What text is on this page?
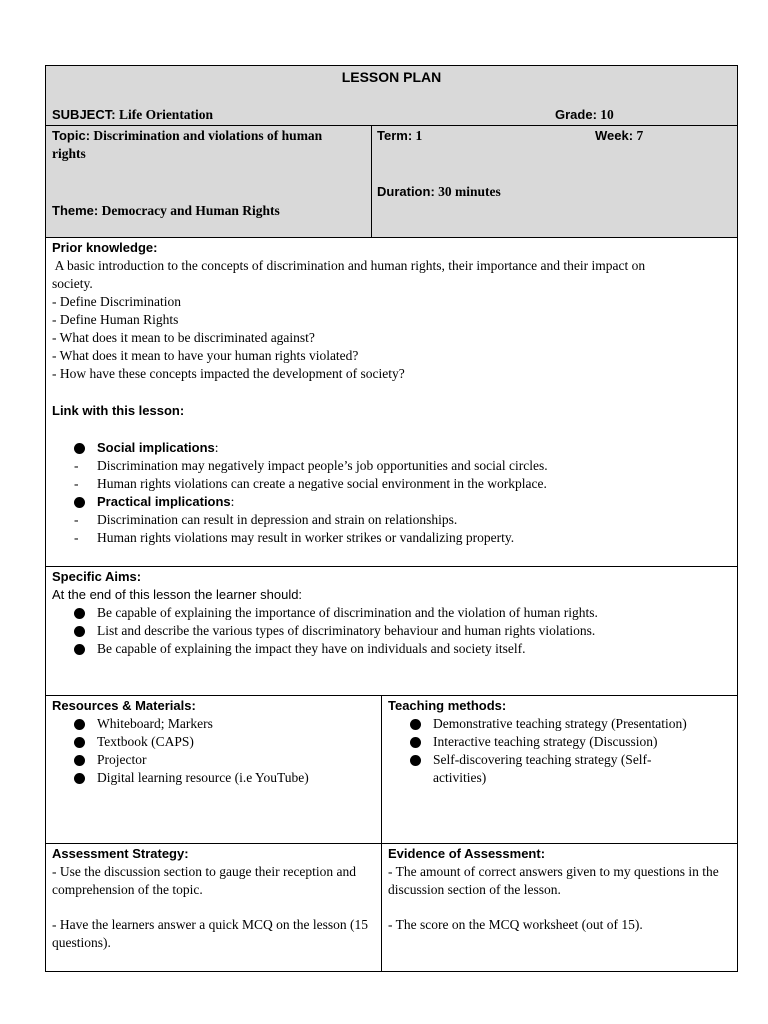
LESSON PLAN
SUBJECT: Life Orientation	Grade: 10
Topic: Discrimination and violations of human
rights
Theme: Democracy and Human Rights
Term: 1	Week: 7
Duration: 30 minutes
Prior knowledge:
A basic introduction to the concepts of discrimination and human rights, their importance and their impact on
society.
- Define Discrimination
- Define Human Rights
- What does it mean to be discriminated against?
- What does it mean to have your human rights violated?
- How have these concepts impacted the development of society?
Link with this lesson:
Social implications:
- Discrimination may negatively impact people’s job opportunities and social circles.
- Human rights violations can create a negative social environment in the workplace.
Practical implications:
- Discrimination can result in depression and strain on relationships.
- Human rights violations may result in worker strikes or vandalizing property.
Specific Aims:
At the end of this lesson the learner should:
Be capable of explaining the importance of discrimination and the violation of human rights.
List and describe the various types of discriminatory behaviour and human rights violations.
Be capable of explaining the impact they have on individuals and society itself.
Resources & Materials:
Whiteboard; Markers
Textbook (CAPS)
Projector
Digital learning resource (i.e YouTube)
Teaching methods:
Demonstrative teaching strategy (Presentation)
Interactive teaching strategy (Discussion)
Self-discovering teaching strategy (Self-activities)
Assessment Strategy:
- Use the discussion section to gauge their reception and comprehension of the topic.
- Have the learners answer a quick MCQ on the lesson (15 questions).
Evidence of Assessment:
- The amount of correct answers given to my questions in the discussion section of the lesson.
- The score on the MCQ worksheet (out of 15).
